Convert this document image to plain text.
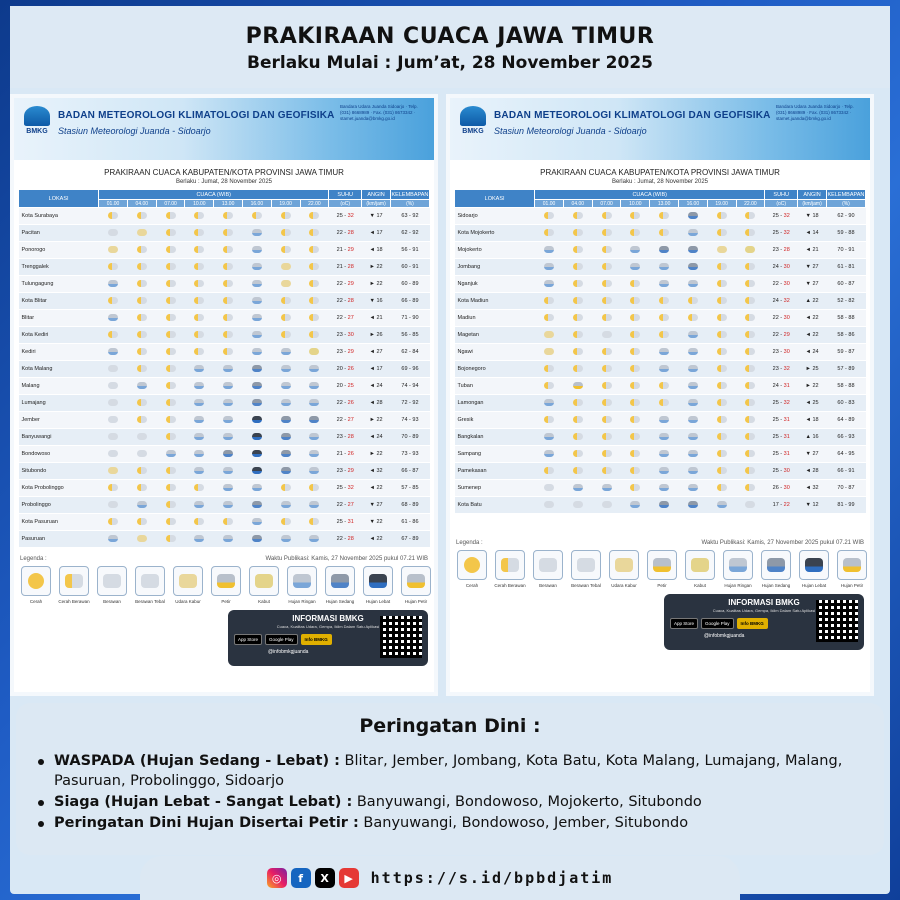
PRAKIRAAN CUACA JAWA TIMUR
Berlaku Mulai : Jum’at, 28 November 2025
BMKG
BADAN METEOROLOGI KLIMATOLOGI DAN GEOFISIKA
Stasiun Meteorologi Juanda - Sidoarjo
Bandara Udara Juanda Sidoarjo · Telp. (031) 8668989 · Fax. (031) 8673342 · stamet.juanda@bmkg.go.id
PRAKIRAAN CUACA KABUPATEN/KOTA PROVINSI JAWA TIMUR
Berlaku : Jumat, 28 November 2025
LOKASI	CUACA (WIB)								SUHU	ANGIN	KELEMBAPAN
	01.00	04.00	07.00	10.00	13.00	16.00	19.00	22.00	(oC)	(km/jam)	(%)
Kota Surabaya									25 - 32	▼ 17	63 - 92
Pacitan									22 - 28	◄ 17	62 - 92
Ponorogo									21 - 29	◄ 18	56 - 91
Trenggalek									21 - 28	► 22	60 - 91
Tulungagung									22 - 29	► 22	60 - 89
Kota Blitar									22 - 28	▼ 16	66 - 89
Blitar									22 - 27	◄ 21	71 - 90
Kota Kediri									23 - 30	► 26	56 - 85
Kediri									23 - 29	◄ 27	62 - 84
Kota Malang									20 - 26	◄ 17	69 - 96
Malang									20 - 25	◄ 24	74 - 94
Lumajang									22 - 26	◄ 28	72 - 92
Jember									22 - 27	► 22	74 - 93
Banyuwangi									23 - 28	◄ 24	70 - 89
Bondowoso									21 - 26	► 22	73 - 93
Situbondo									23 - 29	◄ 32	66 - 87
Kota Probolinggo									25 - 32	◄ 22	57 - 85
Probolinggo									22 - 27	▼ 27	68 - 89
Kota Pasuruan									25 - 31	▼ 22	61 - 86
Pasuruan									22 - 28	◄ 22	67 - 89
Legenda :	Waktu Publikasi: Kamis, 27 November 2025 pukul 07.21 WIB
Cerah	Cerah Berawan	Berawan	Berawan Tebal	Udara Kabur	Petir	Kabut	Hujan Ringan	Hujan Sedang	Hujan Lebat	Hujan Petir
INFORMASI BMKG
Cuaca, Kualitas Udara, Gempa, Iklim Dalam Satu Aplikasi
App Store	Google Play	Info BMKG
@infobmkgjuanda
BMKG
BADAN METEOROLOGI KLIMATOLOGI DAN GEOFISIKA
Stasiun Meteorologi Juanda - Sidoarjo
Bandara Udara Juanda Sidoarjo · Telp. (031) 8668989 · Fax. (031) 8673342 · stamet.juanda@bmkg.go.id
PRAKIRAAN CUACA KABUPATEN/KOTA PROVINSI JAWA TIMUR
Berlaku : Jumat, 28 November 2025
LOKASI	CUACA (WIB)								SUHU	ANGIN	KELEMBAPAN
	01.00	04.00	07.00	10.00	13.00	16.00	19.00	22.00	(oC)	(km/jam)	(%)
Sidoarjo									25 - 32	▼ 18	62 - 90
Kota Mojokerto									25 - 32	◄ 14	59 - 88
Mojokerto									23 - 28	◄ 21	70 - 91
Jombang									24 - 30	▼ 27	61 - 81
Nganjuk									22 - 30	▼ 27	60 - 87
Kota Madiun									24 - 32	▲ 22	52 - 82
Madiun									22 - 30	◄ 22	58 - 88
Magetan									22 - 29	◄ 22	58 - 86
Ngawi									23 - 30	◄ 24	59 - 87
Bojonegoro									23 - 32	► 25	57 - 89
Tuban									24 - 31	► 22	58 - 88
Lamongan									25 - 32	◄ 25	60 - 83
Gresik									25 - 31	◄ 18	64 - 89
Bangkalan									25 - 31	▲ 16	66 - 93
Sampang									25 - 31	▼ 27	64 - 95
Pamekasan									25 - 30	◄ 28	66 - 91
Sumenep									26 - 30	◄ 32	70 - 87
Kota Batu									17 - 22	▼ 12	81 - 99
Legenda :	Waktu Publikasi: Kamis, 27 November 2025 pukul 07.21 WIB
Cerah	Cerah Berawan	Berawan	Berawan Tebal	Udara Kabur	Petir	Kabut	Hujan Ringan	Hujan Sedang	Hujan Lebat	Hujan Petir
INFORMASI BMKG
Cuaca, Kualitas Udara, Gempa, Iklim Dalam Satu Aplikasi
App Store	Google Play	Info BMKG
@infobmkgjuanda
Peringatan Dini :
WASPADA (Hujan Sedang - Lebat) : Blitar, Jember, Jombang, Kota Batu, Kota Malang, Lumajang, Malang, Pasuruan, Probolinggo, Sidoarjo
Siaga (Hujan Lebat - Sangat Lebat) : Banyuwangi, Bondowoso, Mojokerto, Situbondo
Peringatan Dini Hujan Disertai Petir : Banyuwangi, Bondowoso, Jember, Situbondo
◎	f	X	▶	https://s.id/bpbdjatim
